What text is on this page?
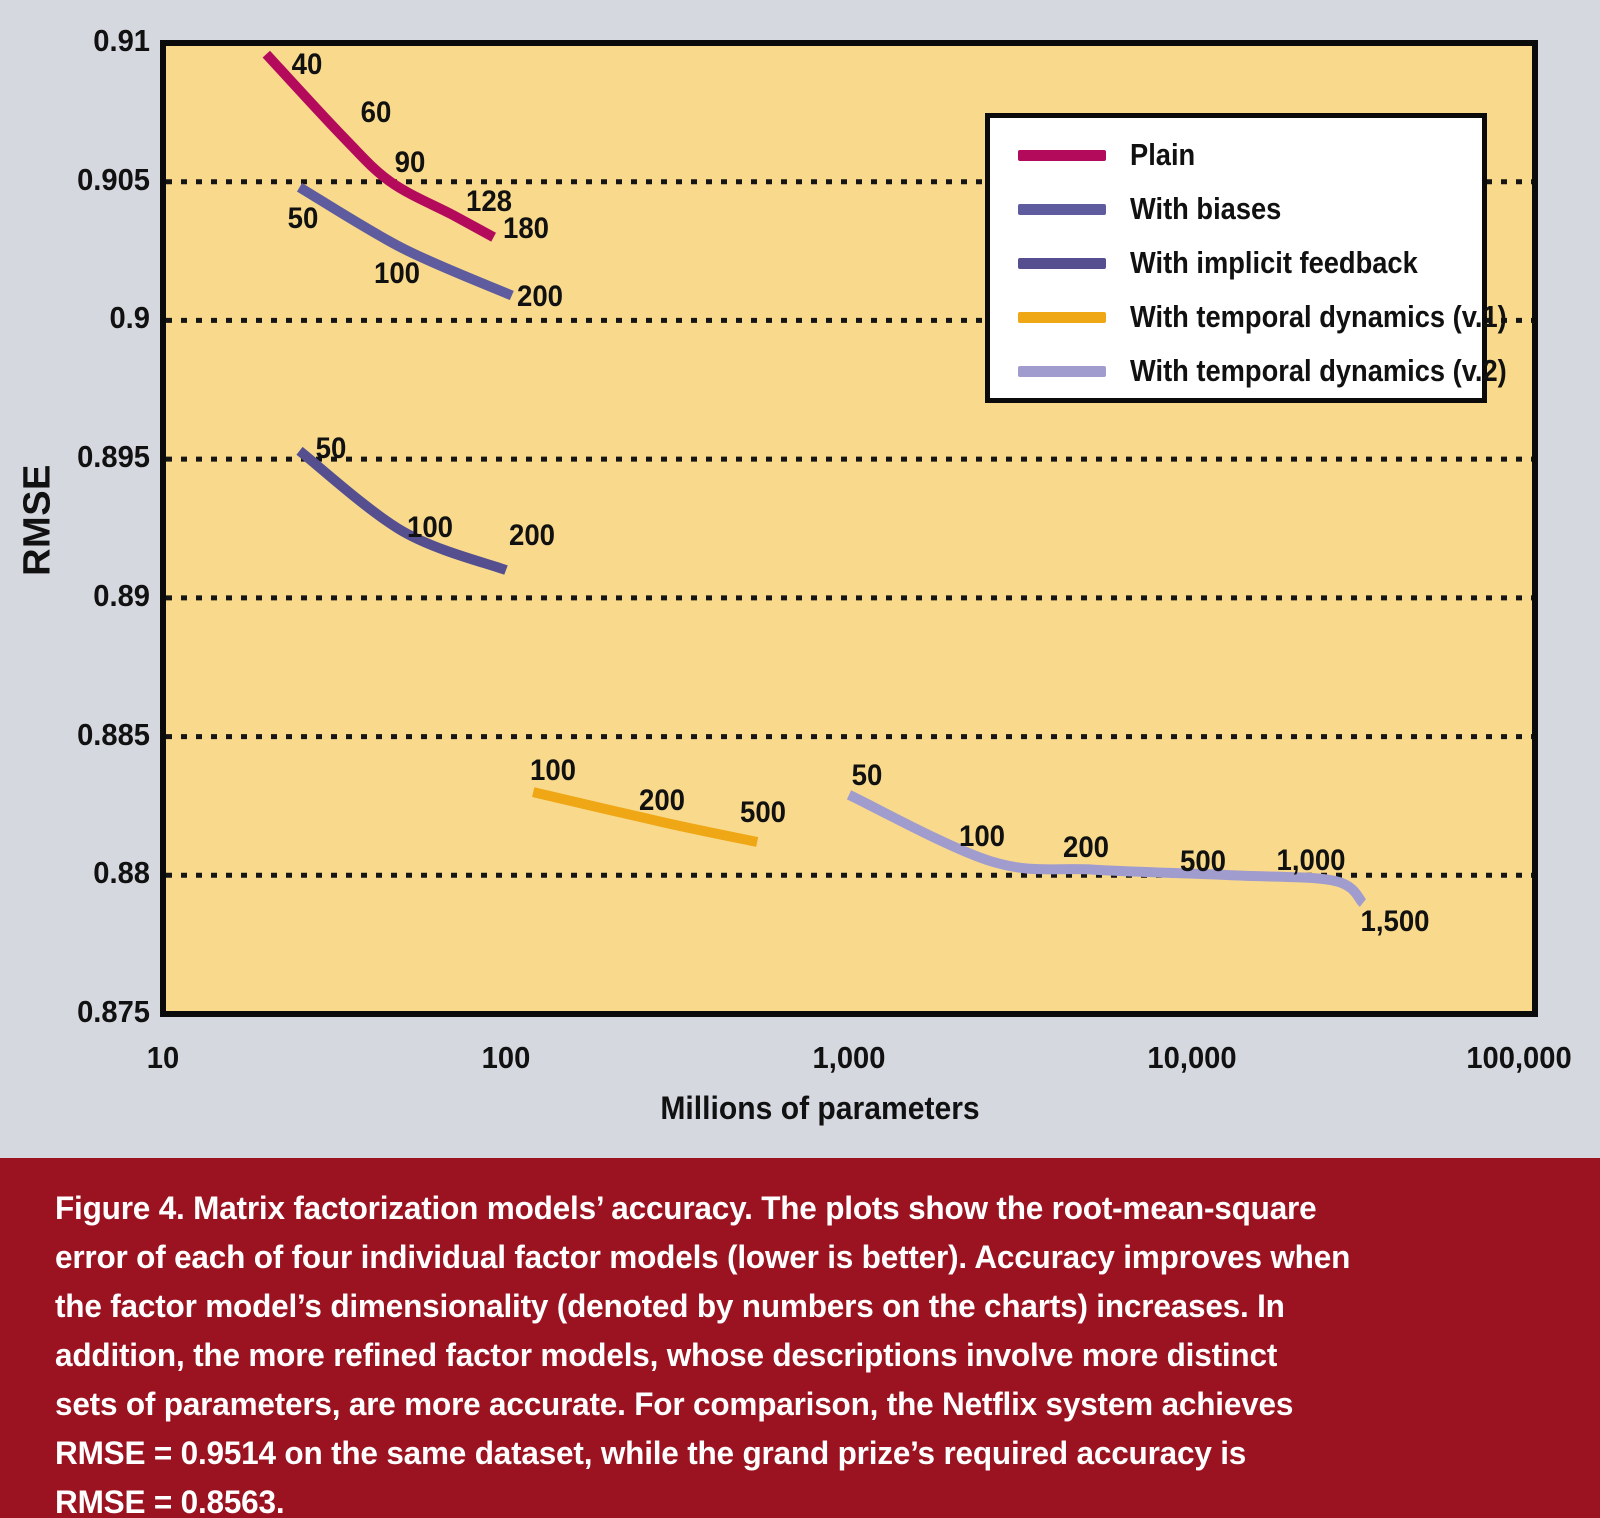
RMSE
Millions of parameters
40
60
90
128
180
50
100
200
50
100 200
100
200 500
50
100 200 500 1,000
1,500
10	100	1,000	10,000	100,000
0.91
0.905
0.9
0.895
0.89
0.885
0.88
0.875
Plain
With biases
With implicit feedback
With temporal dynamics (v.1)
With temporal dynamics (v.2)
Figure 4. Matrix factorization models’ accuracy. The plots show the root-mean-square
error of each of four individual factor models (lower is better). Accuracy improves when
the factor model’s dimensionality (denoted by numbers on the charts) increases. In
addition, the more refined factor models, whose descriptions involve more distinct
sets of parameters, are more accurate. For comparison, the Netflix system achieves
RMSE = 0.9514 on the same dataset, while the grand prize’s required accuracy is
RMSE = 0.8563.
